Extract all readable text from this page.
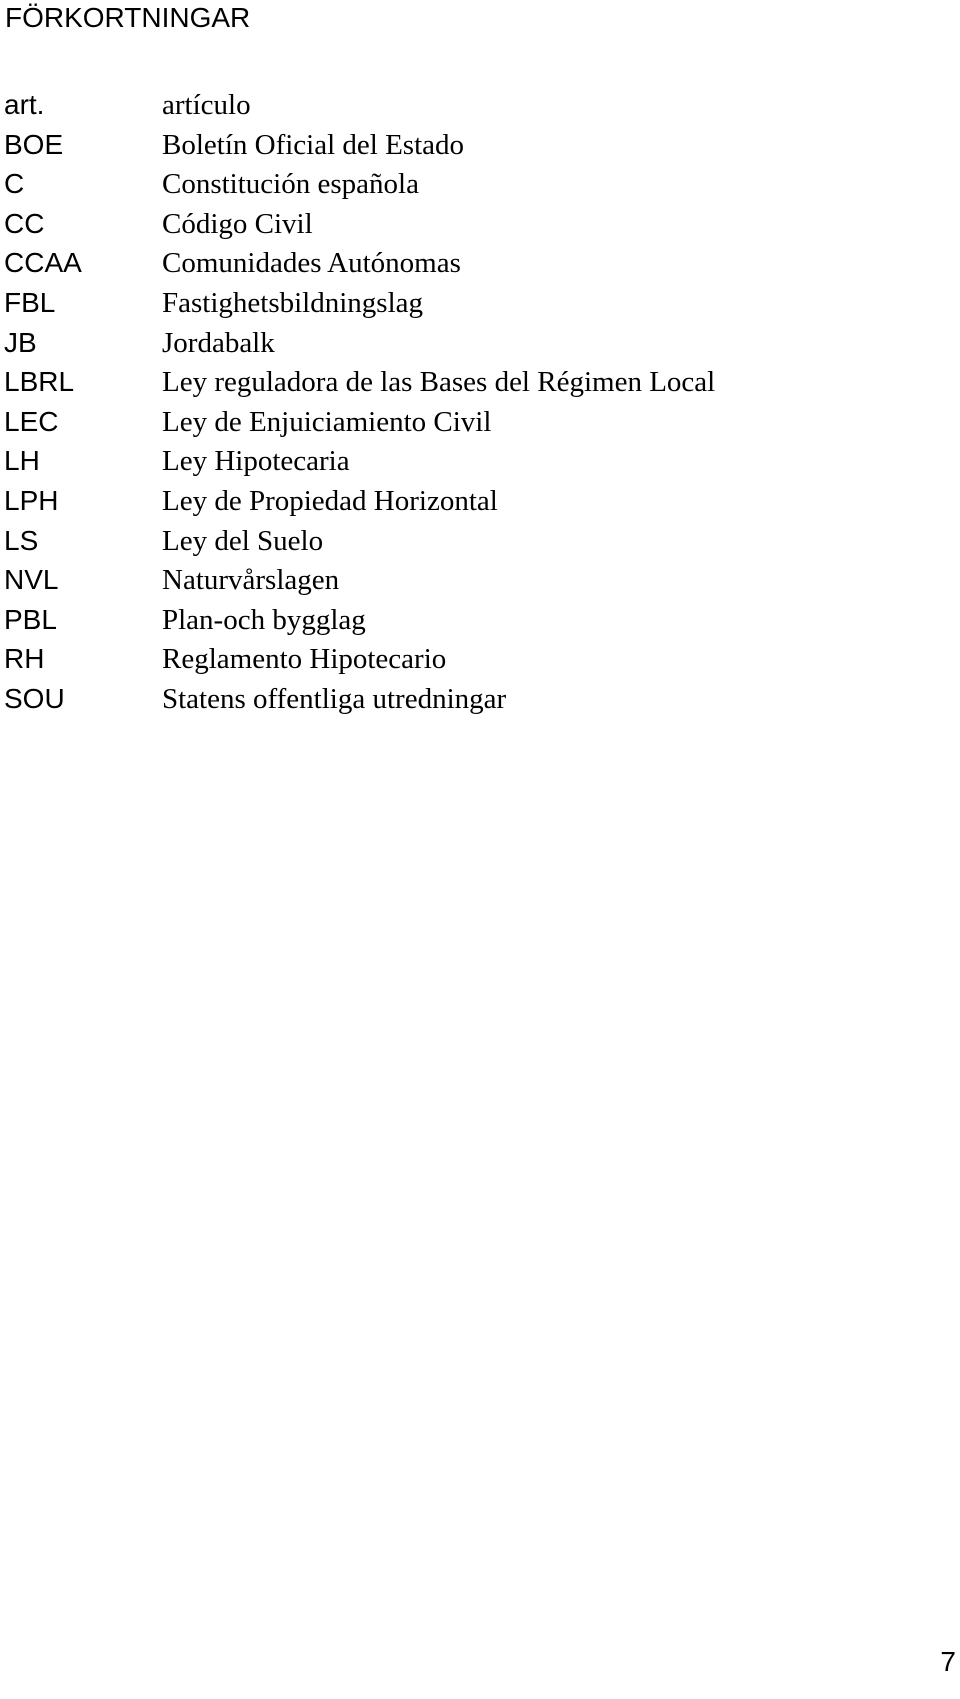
FÖRKORTNINGAR
art.	artículo
BOE	Boletín Oficial del Estado
C	Constitución española
CC	Código Civil
CCAA	Comunidades Autónomas
FBL	Fastighetsbildningslag
JB	Jordabalk
LBRL	Ley reguladora de las Bases del Régimen Local
LEC	Ley de Enjuiciamiento Civil
LH	Ley Hipotecaria
LPH	Ley de Propiedad Horizontal
LS	Ley del Suelo
NVL	Naturvårslagen
PBL	Plan-och bygglag
RH	Reglamento Hipotecario
SOU	Statens offentliga utredningar
7
